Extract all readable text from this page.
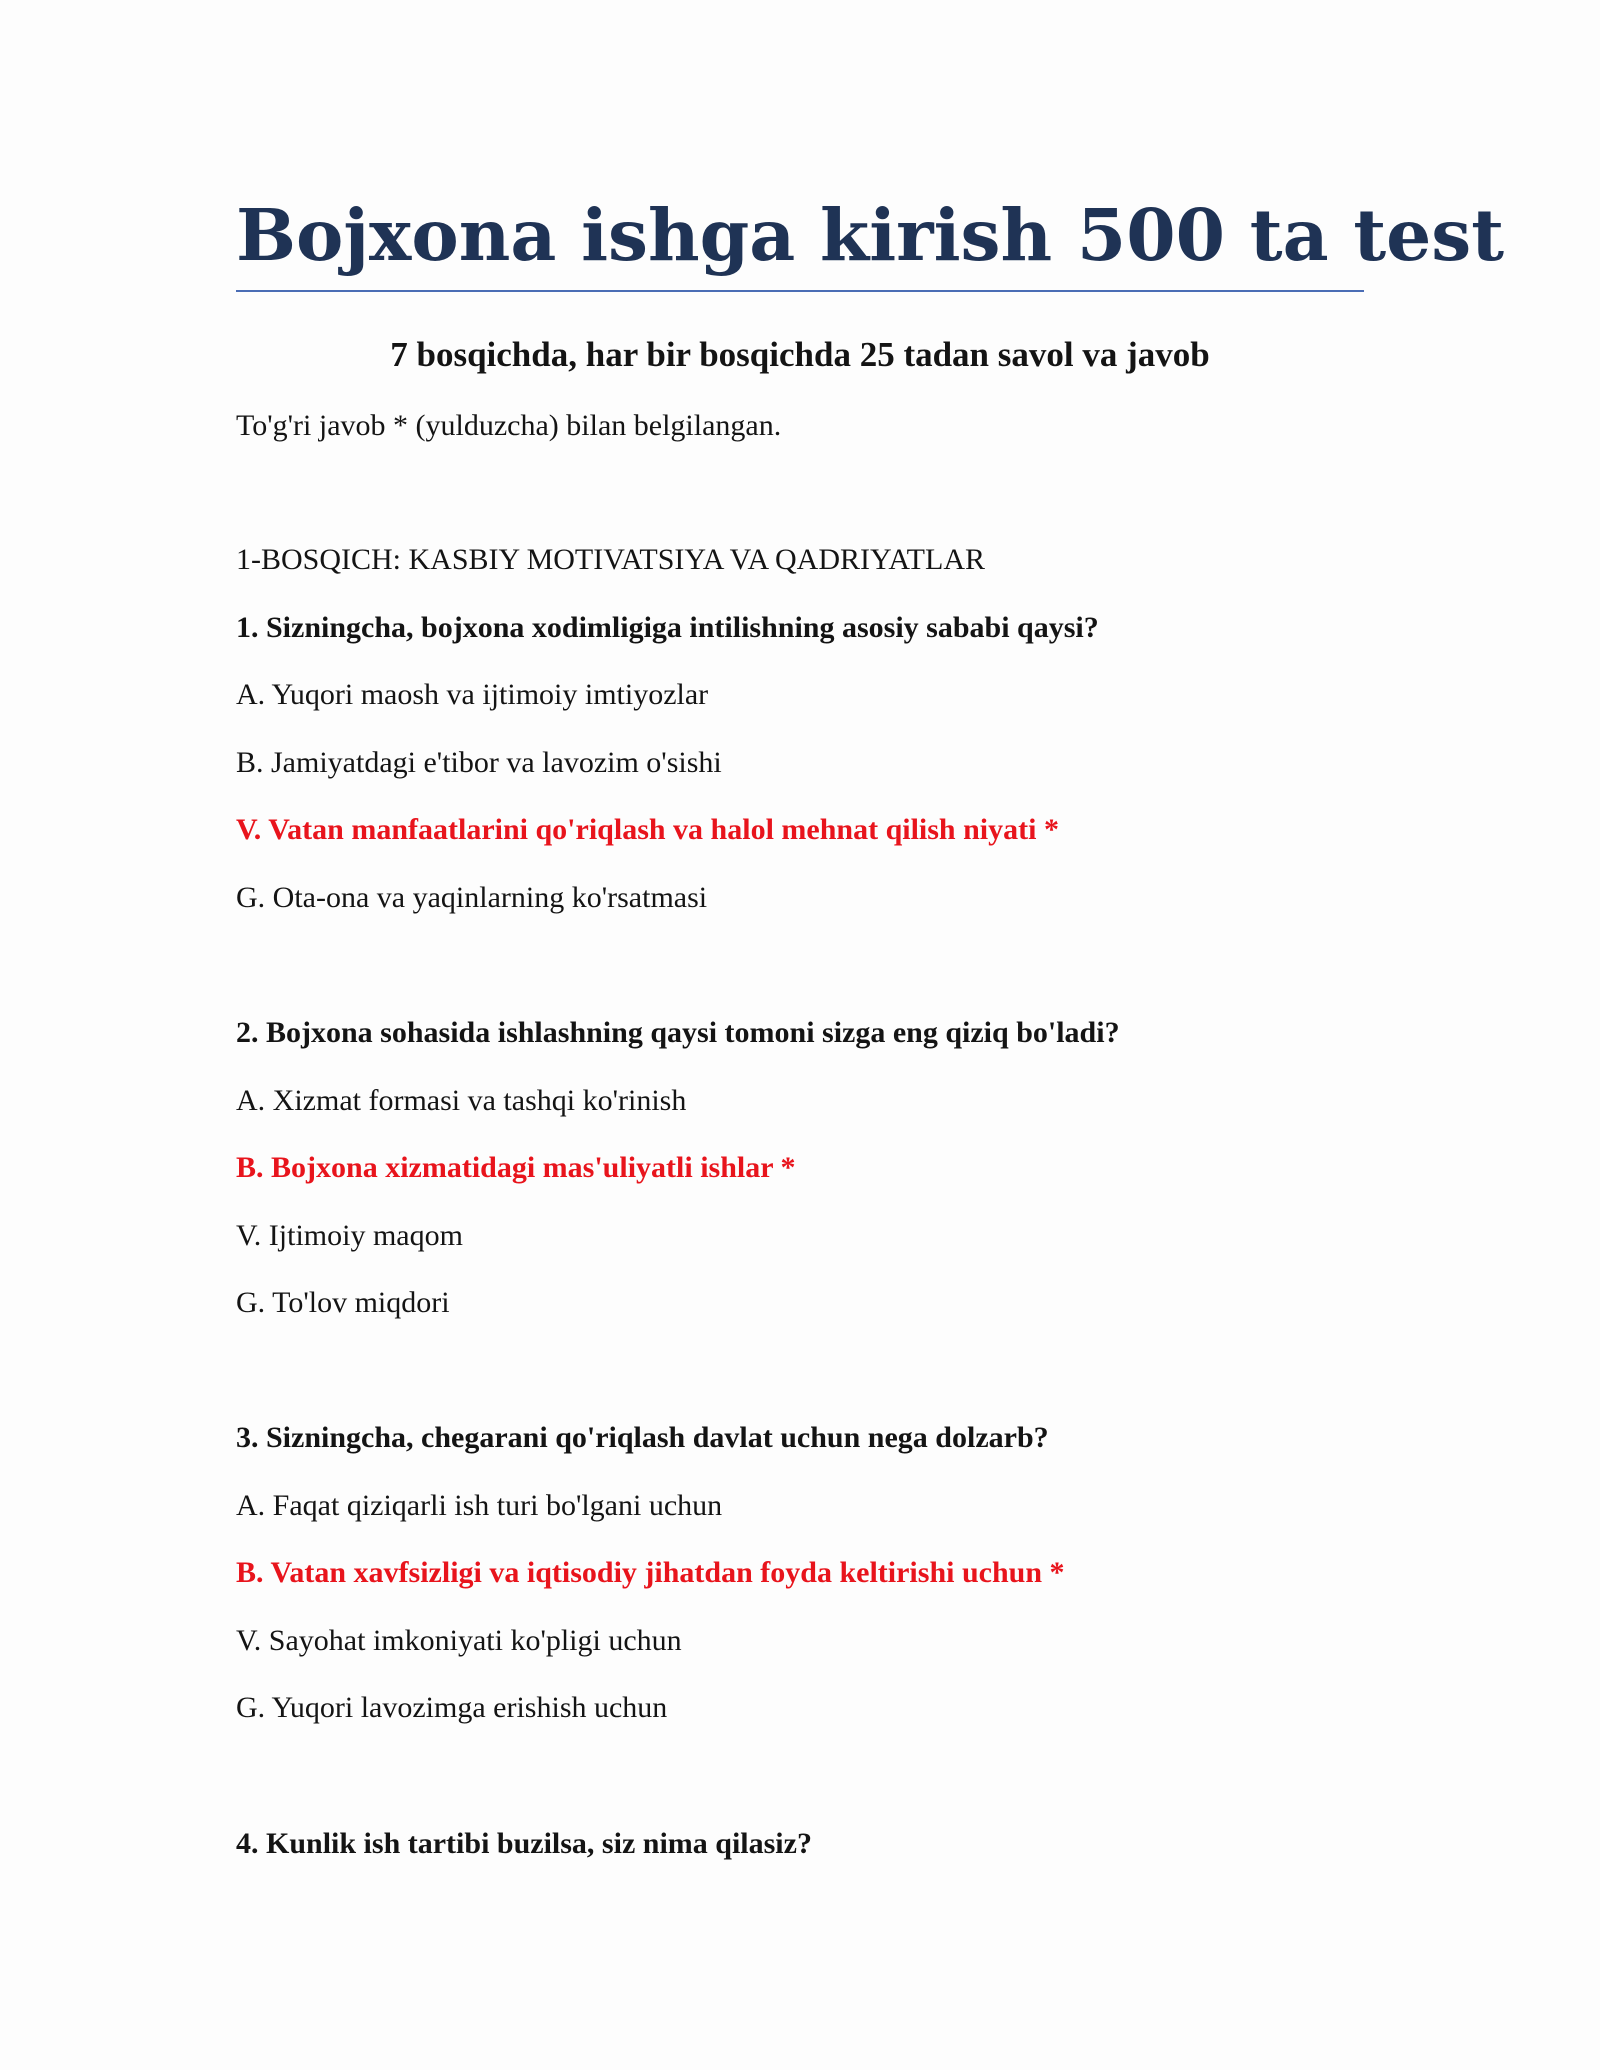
Bojxona ishga kirish 500 ta test
7 bosqichda, har bir bosqichda 25 tadan savol va javob
To'g'ri javob * (yulduzcha) bilan belgilangan.
1-BOSQICH: KASBIY MOTIVATSIYA VA QADRIYATLAR
1. Sizningcha, bojxona xodimligiga intilishning asosiy sababi qaysi?
A. Yuqori maosh va ijtimoiy imtiyozlar
B. Jamiyatdagi e'tibor va lavozim o'sishi
V. Vatan manfaatlarini qo'riqlash va halol mehnat qilish niyati *
G. Ota-ona va yaqinlarning ko'rsatmasi
2. Bojxona sohasida ishlashning qaysi tomoni sizga eng qiziq bo'ladi?
A. Xizmat formasi va tashqi ko'rinish
B. Bojxona xizmatidagi mas'uliyatli ishlar *
V. Ijtimoiy maqom
G. To'lov miqdori
3. Sizningcha, chegarani qo'riqlash davlat uchun nega dolzarb?
A. Faqat qiziqarli ish turi bo'lgani uchun
B. Vatan xavfsizligi va iqtisodiy jihatdan foyda keltirishi uchun *
V. Sayohat imkoniyati ko'pligi uchun
G. Yuqori lavozimga erishish uchun
4. Kunlik ish tartibi buzilsa, siz nima qilasiz?
